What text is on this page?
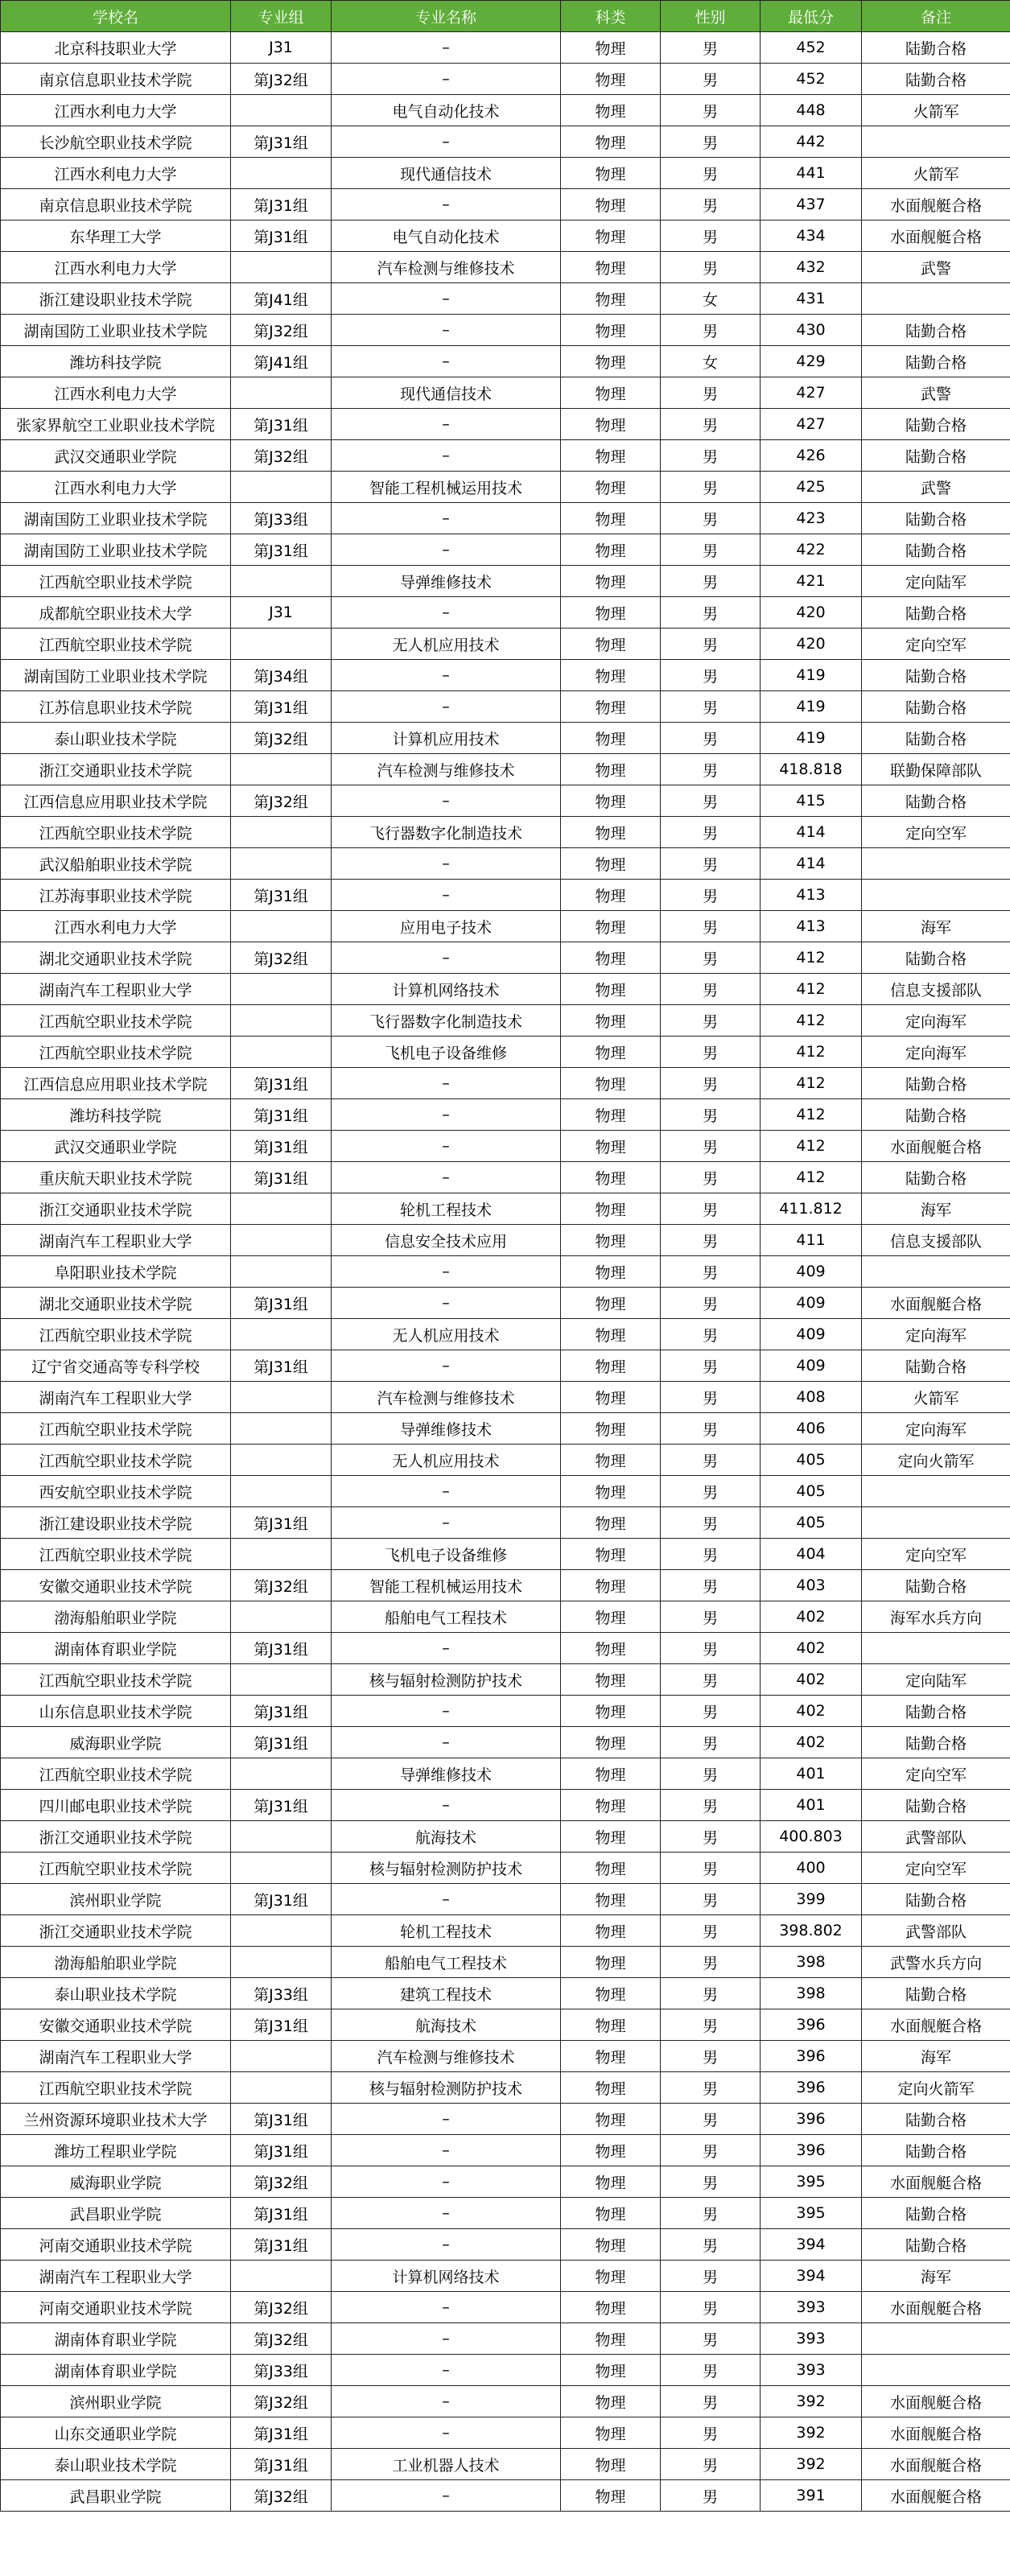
学校名	专业组	专业名称	科类	性别	最低分	备注
北京科技职业大学	J31	–	物理	男	452	陆勤合格
南京信息职业技术学院	第J32组	–	物理	男	452	陆勤合格
江西水利电力大学		电气自动化技术	物理	男	448	火箭军
长沙航空职业技术学院	第J31组	–	物理	男	442	
江西水利电力大学		现代通信技术	物理	男	441	火箭军
南京信息职业技术学院	第J31组	–	物理	男	437	水面舰艇合格
东华理工大学	第J31组	电气自动化技术	物理	男	434	水面舰艇合格
江西水利电力大学		汽车检测与维修技术	物理	男	432	武警
浙江建设职业技术学院	第J41组	–	物理	女	431	
湖南国防工业职业技术学院	第J32组	–	物理	男	430	陆勤合格
潍坊科技学院	第J41组	–	物理	女	429	陆勤合格
江西水利电力大学		现代通信技术	物理	男	427	武警
张家界航空工业职业技术学院	第J31组	–	物理	男	427	陆勤合格
武汉交通职业学院	第J32组	–	物理	男	426	陆勤合格
江西水利电力大学		智能工程机械运用技术	物理	男	425	武警
湖南国防工业职业技术学院	第J33组	–	物理	男	423	陆勤合格
湖南国防工业职业技术学院	第J31组	–	物理	男	422	陆勤合格
江西航空职业技术学院		导弹维修技术	物理	男	421	定向陆军
成都航空职业技术大学	J31	–	物理	男	420	陆勤合格
江西航空职业技术学院		无人机应用技术	物理	男	420	定向空军
湖南国防工业职业技术学院	第J34组	–	物理	男	419	陆勤合格
江苏信息职业技术学院	第J31组	–	物理	男	419	陆勤合格
泰山职业技术学院	第J32组	计算机应用技术	物理	男	419	陆勤合格
浙江交通职业技术学院		汽车检测与维修技术	物理	男	418.818	联勤保障部队
江西信息应用职业技术学院	第J32组	–	物理	男	415	陆勤合格
江西航空职业技术学院		飞行器数字化制造技术	物理	男	414	定向空军
武汉船舶职业技术学院		–	物理	男	414	
江苏海事职业技术学院	第J31组	–	物理	男	413	
江西水利电力大学		应用电子技术	物理	男	413	海军
湖北交通职业技术学院	第J32组	–	物理	男	412	陆勤合格
湖南汽车工程职业大学		计算机网络技术	物理	男	412	信息支援部队
江西航空职业技术学院		飞行器数字化制造技术	物理	男	412	定向海军
江西航空职业技术学院		飞机电子设备维修	物理	男	412	定向海军
江西信息应用职业技术学院	第J31组	–	物理	男	412	陆勤合格
潍坊科技学院	第J31组	–	物理	男	412	陆勤合格
武汉交通职业学院	第J31组	–	物理	男	412	水面舰艇合格
重庆航天职业技术学院	第J31组	–	物理	男	412	陆勤合格
浙江交通职业技术学院		轮机工程技术	物理	男	411.812	海军
湖南汽车工程职业大学		信息安全技术应用	物理	男	411	信息支援部队
阜阳职业技术学院		–	物理	男	409	
湖北交通职业技术学院	第J31组	–	物理	男	409	水面舰艇合格
江西航空职业技术学院		无人机应用技术	物理	男	409	定向海军
辽宁省交通高等专科学校	第J31组	–	物理	男	409	陆勤合格
湖南汽车工程职业大学		汽车检测与维修技术	物理	男	408	火箭军
江西航空职业技术学院		导弹维修技术	物理	男	406	定向海军
江西航空职业技术学院		无人机应用技术	物理	男	405	定向火箭军
西安航空职业技术学院		–	物理	男	405	
浙江建设职业技术学院	第J31组	–	物理	男	405	
江西航空职业技术学院		飞机电子设备维修	物理	男	404	定向空军
安徽交通职业技术学院	第J32组	智能工程机械运用技术	物理	男	403	陆勤合格
渤海船舶职业学院		船舶电气工程技术	物理	男	402	海军水兵方向
湖南体育职业学院	第J31组	–	物理	男	402	
江西航空职业技术学院		核与辐射检测防护技术	物理	男	402	定向陆军
山东信息职业技术学院	第J31组	–	物理	男	402	陆勤合格
威海职业学院	第J31组	–	物理	男	402	陆勤合格
江西航空职业技术学院		导弹维修技术	物理	男	401	定向空军
四川邮电职业技术学院	第J31组	–	物理	男	401	陆勤合格
浙江交通职业技术学院		航海技术	物理	男	400.803	武警部队
江西航空职业技术学院		核与辐射检测防护技术	物理	男	400	定向空军
滨州职业学院	第J31组	–	物理	男	399	陆勤合格
浙江交通职业技术学院		轮机工程技术	物理	男	398.802	武警部队
渤海船舶职业学院		船舶电气工程技术	物理	男	398	武警水兵方向
泰山职业技术学院	第J33组	建筑工程技术	物理	男	398	陆勤合格
安徽交通职业技术学院	第J31组	航海技术	物理	男	396	水面舰艇合格
湖南汽车工程职业大学		汽车检测与维修技术	物理	男	396	海军
江西航空职业技术学院		核与辐射检测防护技术	物理	男	396	定向火箭军
兰州资源环境职业技术大学	第J31组	–	物理	男	396	陆勤合格
潍坊工程职业学院	第J31组	–	物理	男	396	陆勤合格
威海职业学院	第J32组	–	物理	男	395	水面舰艇合格
武昌职业学院	第J31组	–	物理	男	395	陆勤合格
河南交通职业技术学院	第J31组	–	物理	男	394	陆勤合格
湖南汽车工程职业大学		计算机网络技术	物理	男	394	海军
河南交通职业技术学院	第J32组	–	物理	男	393	水面舰艇合格
湖南体育职业学院	第J32组	–	物理	男	393	
湖南体育职业学院	第J33组	–	物理	男	393	
滨州职业学院	第J32组	–	物理	男	392	水面舰艇合格
山东交通职业学院	第J31组	–	物理	男	392	水面舰艇合格
泰山职业技术学院	第J31组	工业机器人技术	物理	男	392	水面舰艇合格
武昌职业学院	第J32组	–	物理	男	391	水面舰艇合格
